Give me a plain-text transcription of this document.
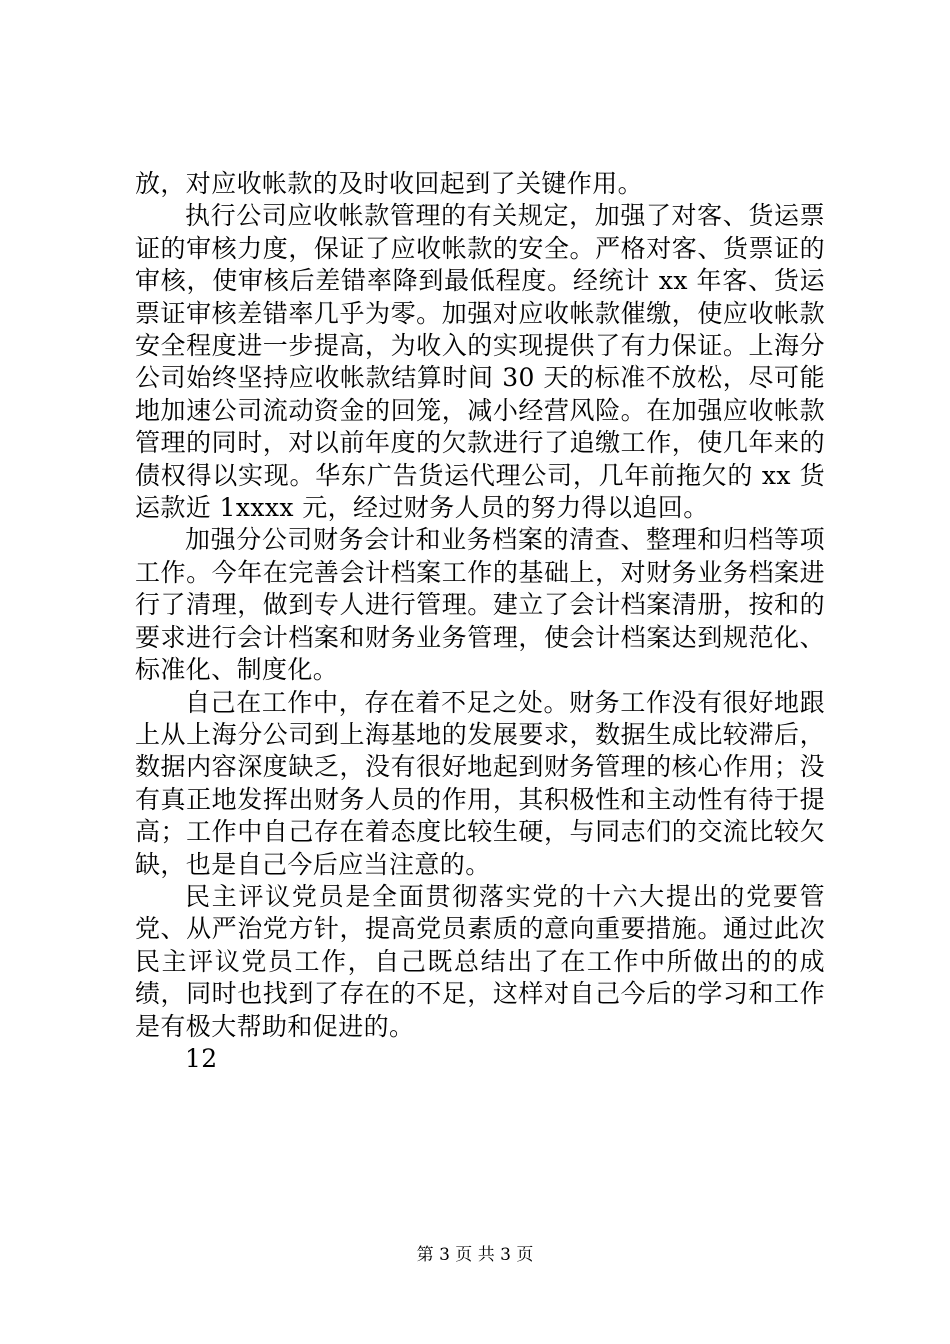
放，对应收帐款的及时收回起到了关键作用。

执行公司应收帐款管理的有关规定，加强了对客、货运票证的审核力度，保证了应收帐款的安全。严格对客、货票证的审核，使审核后差错率降到最低程度。经统计 xx 年客、货运票证审核差错率几乎为零。加强对应收帐款催缴，使应收帐款安全程度进一步提高，为收入的实现提供了有力保证。上海分公司始终坚持应收帐款结算时间 30 天的标准不放松，尽可能地加速公司流动资金的回笼，减小经营风险。在加强应收帐款管理的同时，对以前年度的欠款进行了追缴工作，使几年来的债权得以实现。华东广告货运代理公司，几年前拖欠的 xx 货运款近 1xxxx 元，经过财务人员的努力得以追回。

加强分公司财务会计和业务档案的清查、整理和归档等项工作。今年在完善会计档案工作的基础上，对财务业务档案进行了清理，做到专人进行管理。建立了会计档案清册，按和的要求进行会计档案和财务业务管理，使会计档案达到规范化、标准化、制度化。

自己在工作中，存在着不足之处。财务工作没有很好地跟上从上海分公司到上海基地的发展要求，数据生成比较滞后，数据内容深度缺乏，没有很好地起到财务管理的核心作用；没有真正地发挥出财务人员的作用，其积极性和主动性有待于提高；工作中自己存在着态度比较生硬，与同志们的交流比较欠缺，也是自己今后应当注意的。

民主评议党员是全面贯彻落实党的十六大提出的党要管党、从严治党方针，提高党员素质的意向重要措施。通过此次民主评议党员工作，自己既总结出了在工作中所做出的的成绩，同时也找到了存在的不足，这样对自己今后的学习和工作是有极大帮助和促进的。

12

第 3 页 共 3 页
